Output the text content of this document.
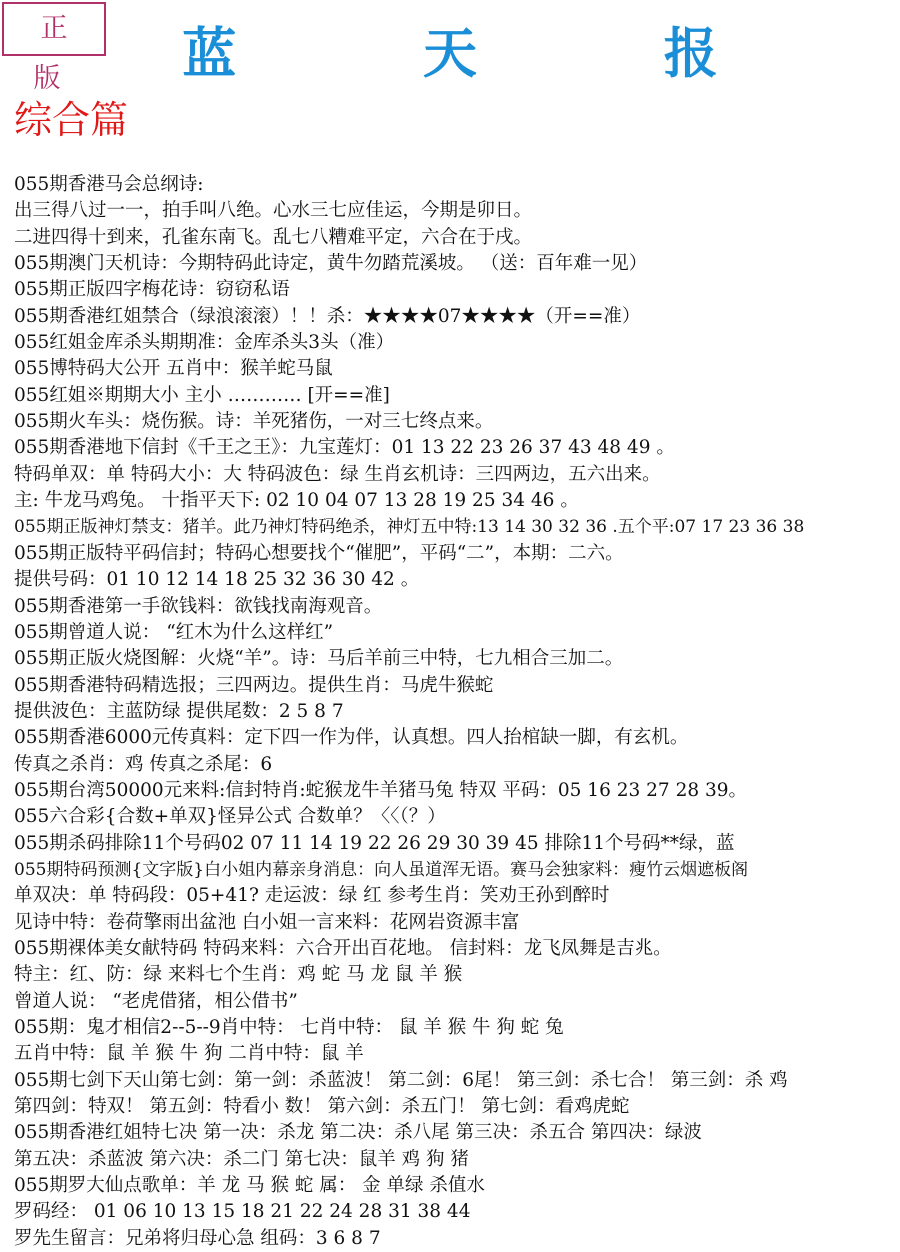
正 版	蓝 天 报
综合篇
055期香港马会总纲诗:
出三得八过一一，拍手叫八绝。心水三七应佳运，今期是卯日。
二进四得十到来，孔雀东南飞。乱七八糟难平定，六合在于戌。
055期澳门天机诗：今期特码此诗定，黄牛勿踏荒溪坡。 （送：百年难一见）
055期正版四字梅花诗：窃窃私语
055期香港红姐禁合（绿浪滚滚）！！杀：★★★★07★★★★（开==准）
055红姐金库杀头期期准：金库杀头3头（准）
055博特码大公开 五肖中：猴羊蛇马鼠
055红姐※期期大小 主小 ………… [开==准]
055期火车头：烧伤猴。诗：羊死猪伤，一对三七终点来。
055期香港地下信封《千王之王》：九宝莲灯：01 13 22 23 26 37 43 48 49 。
特码单双：单 特码大小：大 特码波色：绿 生肖玄机诗：三四两边，五六出来。
主: 牛龙马鸡兔。 十指平天下: 02 10 04 07 13 28 19 25 34 46 。
055期正版神灯禁支：猪羊。此乃神灯特码绝杀，神灯五中特:13 14 30 32 36 .五个平:07 17 23 36 38
055期正版特平码信封；特码心想要找个“催肥”，平码“二”，本期：二六。
提供号码：01 10 12 14 18 25 32 36 30 42 。
055期香港第一手欲钱料：欲钱找南海观音。
055期曾道人说： “红木为什么这样红”
055期正版火烧图解：火烧“羊”。诗：马后羊前三中特，七九相合三加二。
055期香港特码精选报；三四两边。提供生肖：马虎牛猴蛇
提供波色：主蓝防绿 提供尾数：2 5 8 7
055期香港6000元传真料：定下四一作为伴，认真想。四人抬棺缺一脚，有玄机。
传真之杀肖：鸡 传真之杀尾：6
055期台湾50000元来料:信封特肖:蛇猴龙牛羊猪马兔 特双 平码：05 16 23 27 28 39。
055六合彩{合数+单双}怪异公式 合数单？〈〈（？）
055期杀码排除11个号码02 07 11 14 19 22 26 29 30 39 45 排除11个号码**绿，蓝
055期特码预测{文字版}白小姐内幕亲身消息：向人虽道浑无语。赛马会独家料：瘦竹云烟遮板阁
单双决：单 特码段：05+41? 走运波：绿 红 参考生肖：笑劝王孙到醉时
见诗中特：卷荷擎雨出盆池 白小姐一言来料：花网岩资源丰富
055期裸体美女献特码 特码来料：六合开出百花地。 信封料：龙飞凤舞是吉兆。
特主：红、防：绿 来料七个生肖：鸡 蛇 马 龙 鼠 羊 猴
曾道人说： “老虎借猪，相公借书”
055期：鬼才相信2--5--9肖中特： 七肖中特： 鼠 羊 猴 牛 狗 蛇 兔
五肖中特：鼠 羊 猴 牛 狗 二肖中特：鼠 羊
055期七剑下天山第七剑：第一剑：杀蓝波！ 第二剑：6尾！ 第三剑：杀七合！ 第三剑：杀 鸡
第四剑：特双！ 第五剑：特看小 数！ 第六剑：杀五门！ 第七剑：看鸡虎蛇
055期香港红姐特七决 第一决：杀龙 第二决：杀八尾 第三决：杀五合 第四决：绿波
第五决：杀蓝波 第六决：杀二门 第七决：鼠羊 鸡 狗 猪
055期罗大仙点歌单：羊 龙 马 猴 蛇 属： 金 单绿 杀值水
罗码经： 01 06 10 13 15 18 21 22 24 28 31 38 44
罗先生留言：兄弟将归母心急 组码：3 6 8 7
